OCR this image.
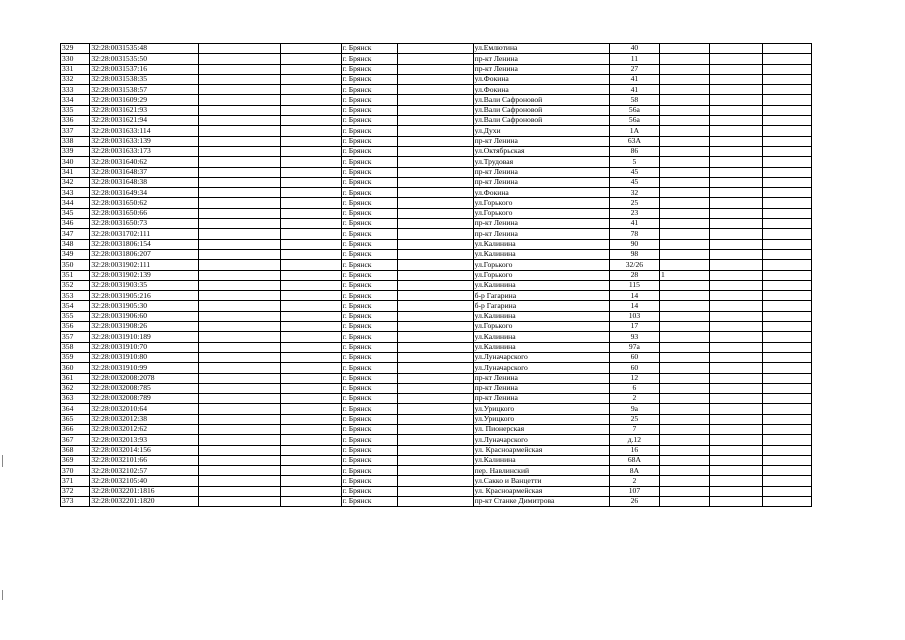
329	32:28:0031535:48			г. Брянск		ул.Емлютина	40			
330	32:28:0031535:50			г. Брянск		пр-кт Ленина	11			
331	32:28:0031537:16			г. Брянск		пр-кт Ленина	27			
332	32:28:0031538:35			г. Брянск		ул.Фокина	41			
333	32:28:0031538:57			г. Брянск		ул.Фокина	41			
334	32:28:0031609:29			г. Брянск		ул.Вали Сафроновой	58			
335	32:28:0031621:93			г. Брянск		ул.Вали Сафроновой	56а			
336	32:28:0031621:94			г. Брянск		ул.Вали Сафроновой	56а			
337	32:28:0031633:114			г. Брянск		ул.Духи	1А			
338	32:28:0031633:139			г. Брянск		пр-кт Ленина	63А			
339	32:28:0031633:173			г. Брянск		ул.Октябрьская	86			
340	32:28:0031640:62			г. Брянск		ул.Трудовая	5			
341	32:28:0031648:37			г. Брянск		пр-кт Ленина	45			
342	32:28:0031648:38			г. Брянск		пр-кт Ленина	45			
343	32:28:0031649:34			г. Брянск		ул.Фокина	32			
344	32:28:0031650:62			г. Брянск		ул.Горького	25			
345	32:28:0031650:66			г. Брянск		ул.Горького	23			
346	32:28:0031650:73			г. Брянск		пр-кт Ленина	41			
347	32:28:0031702:111			г. Брянск		пр-кт Ленина	78			
348	32:28:0031806:154			г. Брянск		ул.Калинина	90			
349	32:28:0031806:207			г. Брянск		ул.Калинина	98			
350	32:28:0031902:111			г. Брянск		ул.Горького	32/26			
351	32:28:0031902:139			г. Брянск		ул.Горького	28	1		
352	32:28:0031903:35			г. Брянск		ул.Калинина	115			
353	32:28:0031905:216			г. Брянск		б-р Гагарина	14			
354	32:28:0031905:30			г. Брянск		б-р Гагарина	14			
355	32:28:0031906:60			г. Брянск		ул.Калинина	103			
356	32:28:0031908:26			г. Брянск		ул.Горького	17			
357	32:28:0031910:189			г. Брянск		ул.Калинина	93			
358	32:28:0031910:70			г. Брянск		ул.Калинина	97а			
359	32:28:0031910:80			г. Брянск		ул.Луначарского	60			
360	32:28:0031910:99			г. Брянск		ул.Луначарского	60			
361	32:28:0032008:2078			г. Брянск		пр-кт Ленина	12			
362	32:28:0032008:785			г. Брянск		пр-кт Ленина	6			
363	32:28:0032008:789			г. Брянск		пр-кт Ленина	2			
364	32:28:0032010:64			г. Брянск		ул.Урицкого	9а			
365	32:28:0032012:38			г. Брянск		ул.Урицкого	25			
366	32:28:0032012:62			г. Брянск		ул. Пионерская	7			
367	32:28:0032013:93			г. Брянск		ул.Луначарского	д.12			
368	32:28:0032014:156			г. Брянск		ул. Красноармейская	16			
369	32:28:0032101:66			г. Брянск		ул.Калинина	68А			
370	32:28:0032102:57			г. Брянск		пер. Навлинский	8А			
371	32:28:0032105:40			г. Брянск		ул.Сакко и Ванцетти	2			
372	32:28:0032201:1816			г. Брянск		ул. Красноармейская	107			
373	32:28:0032201:1820			г. Брянск		пр-кт Станке Димитрова	26			
